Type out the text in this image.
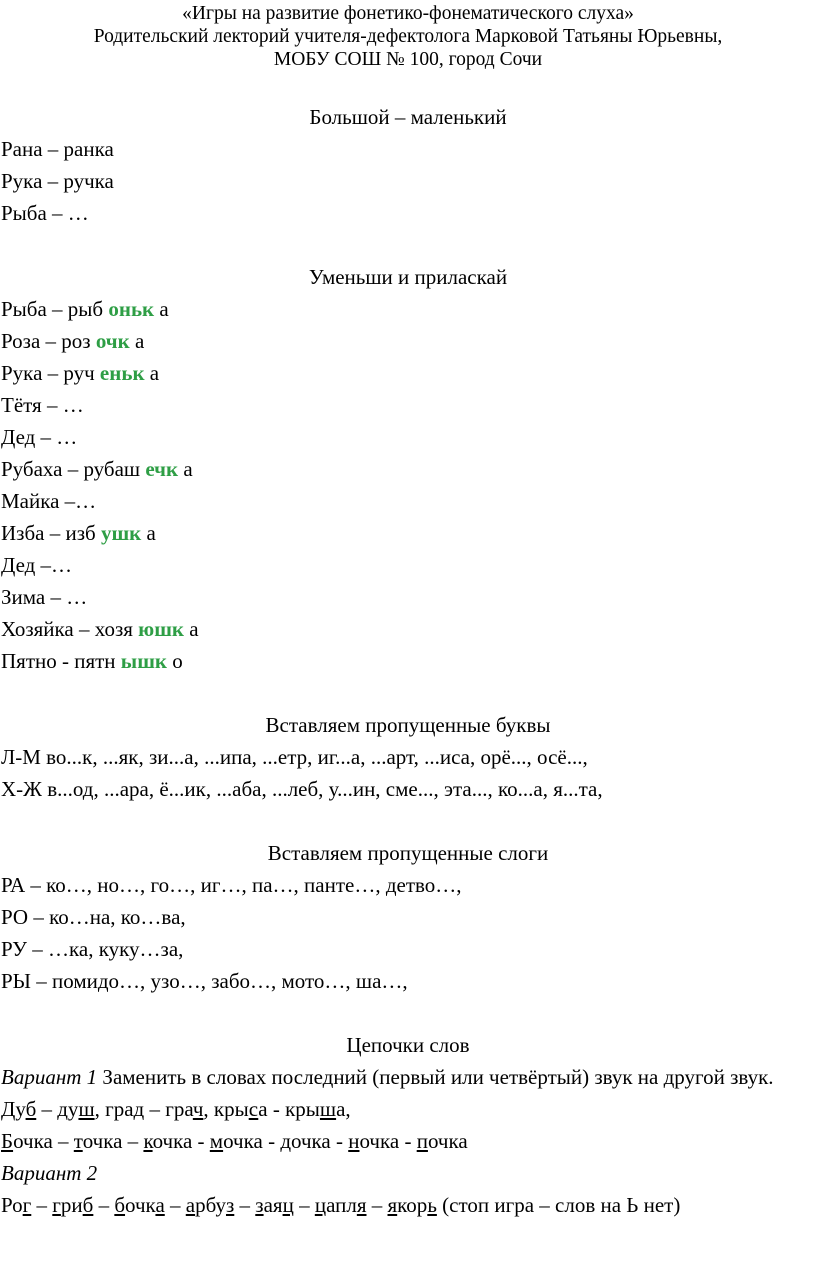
«Игры на развитие фонетико-фонематического слуха»
Родительский лекторий учителя-дефектолога Марковой Татьяны Юрьевны,
МОБУ СОШ № 100, город Сочи
Большой – маленький
Рана – ранка
Рука – ручка
Рыба – …
Уменьши и приласкай
Рыба – рыб оньк а
Роза – роз очк а
Рука – руч еньк а
Тётя – …
Дед – …
Рубаха – рубаш ечк а
Майка –…
Изба – изб ушк а
Дед –…
Зима – …
Хозяйка – хозя юшк а
Пятно - пятн ышк о
Вставляем пропущенные буквы
Л-М во...к, ...як, зи...а, ...ипа, ...етр, иг...а, ...арт, ...иса, орё..., осё...,
Х-Ж в...од, ...ара, ё...ик, ...аба, ...леб, у...ин, сме..., эта..., ко...а, я...та,
Вставляем пропущенные слоги
РА – ко…, но…, го…, иг…, па…, панте…, детво…,
РО – ко…на, ко…ва,
РУ – …ка, куку…за,
РЫ – помидо…, узо…, забо…, мото…, ша…,
Цепочки слов
Вариант 1 Заменить в словах последний (первый или четвёртый) звук на другой звук.
Дуб – душ, град – грач, крыса - крыша,
Бочка – точка – кочка - мочка - дочка - ночка - почка
Вариант 2
Рог – гриб – бочка – арбуз – заяц – цапля – якорь (стоп игра – слов на Ь нет)
